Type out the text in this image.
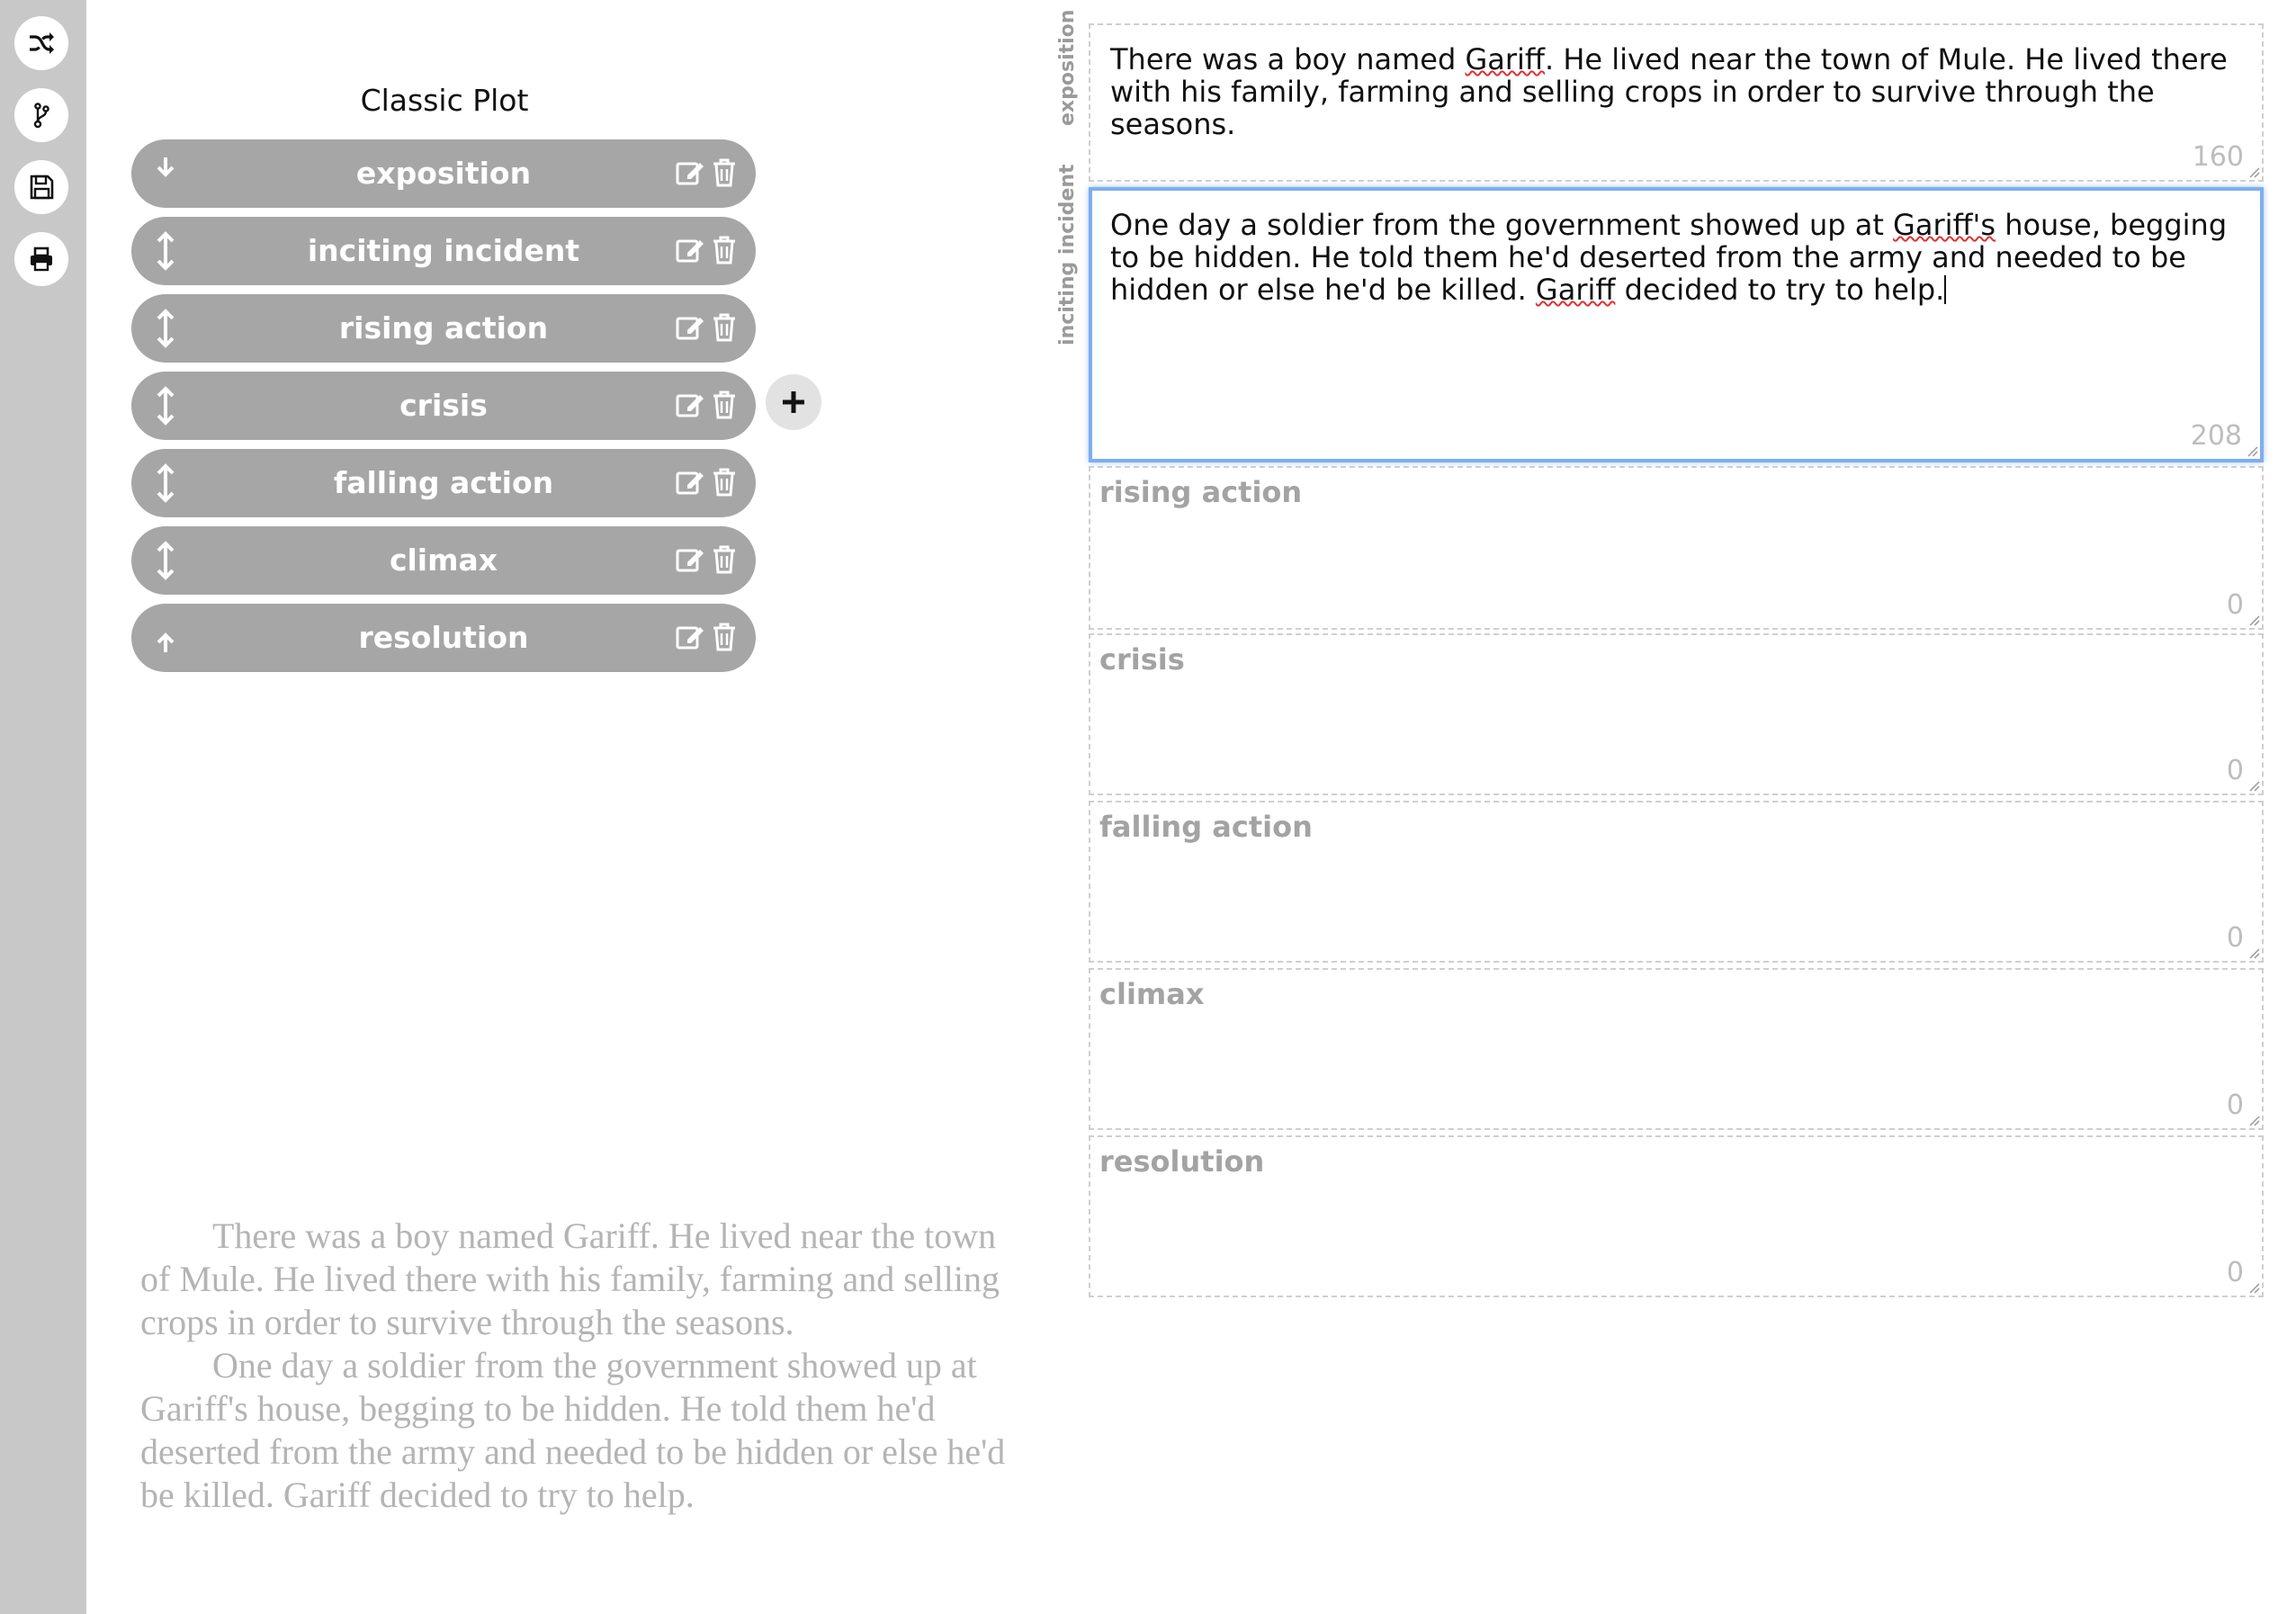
Classic Plot
exposition
inciting incident
rising action
crisis
falling action
climax
resolution

There was a boy named Gariff. He lived near the town of Mule. He lived there with his family, farming and selling crops in order to survive through the seasons.

One day a soldier from the government showed up at Gariff's house, begging to be hidden. He told them he'd deserted from the army and needed to be hidden or else he'd be killed. Gariff decided to try to help.

exposition There was a boy named Gariff. He lived near the town of Mule. He lived there with his family, farming and selling crops in order to survive through the seasons.
160
inciting incident One day a soldier from the government showed up at Gariff's house, begging to be hidden. He told them he'd deserted from the army and needed to be hidden or else he'd be killed. Gariff decided to try to help.
208
rising action
0
crisis
0
falling action
0
climax
0
resolution
0
